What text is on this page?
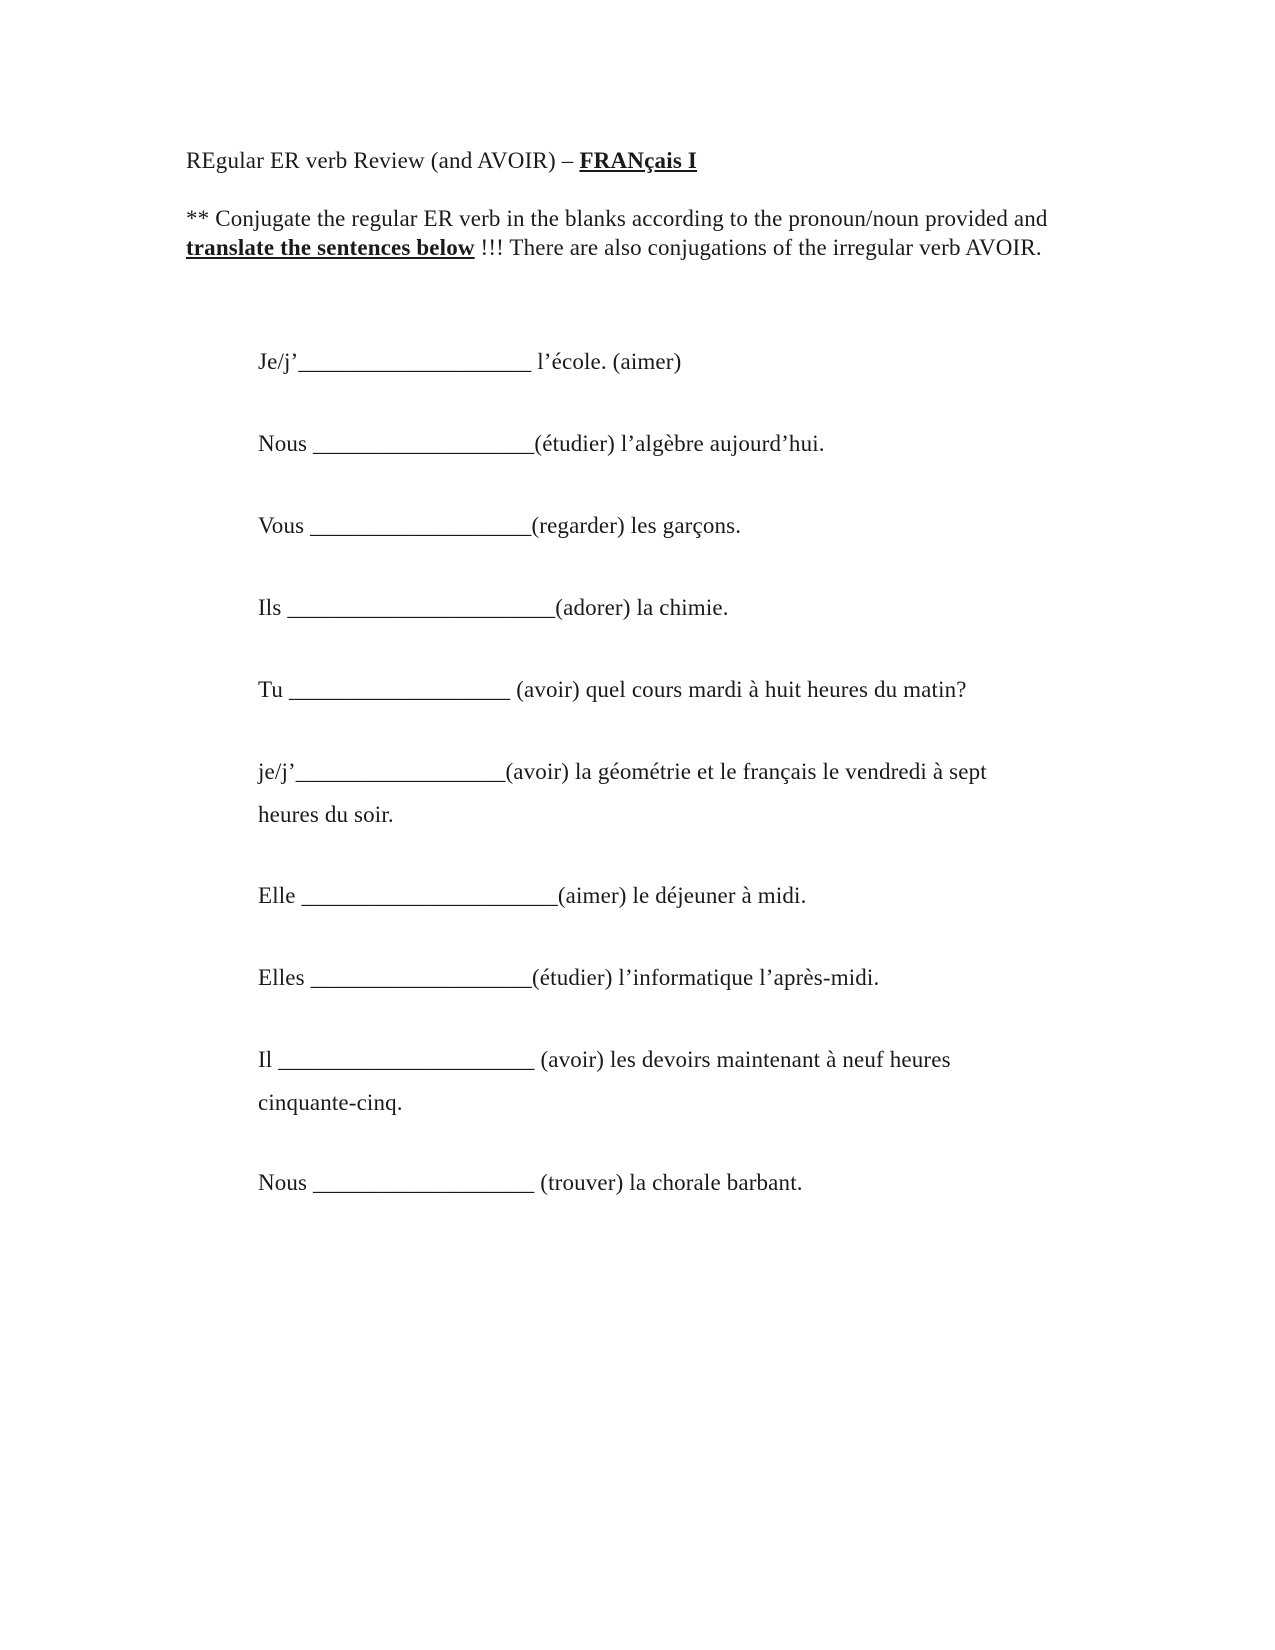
REgular ER verb Review (and AVOIR) – FRANçais I
** Conjugate the regular ER verb in the blanks according to the pronoun/noun provided and translate the sentences below !!! There are also conjugations of the irregular verb AVOIR.
Je/j’____________________ l’école. (aimer)
Nous ___________________(étudier) l’algèbre aujourd’hui.
Vous ___________________(regarder) les garçons.
Ils _______________________(adorer) la chimie.
Tu ___________________ (avoir) quel cours mardi à huit heures du matin?
je/j’__________________(avoir) la géométrie et le français le vendredi à sept
heures du soir.
Elle ______________________(aimer) le déjeuner à midi.
Elles ___________________(étudier) l’informatique l’après-midi.
Il ______________________ (avoir) les devoirs maintenant à neuf heures
cinquante-cinq.
Nous ___________________ (trouver) la chorale barbant.
